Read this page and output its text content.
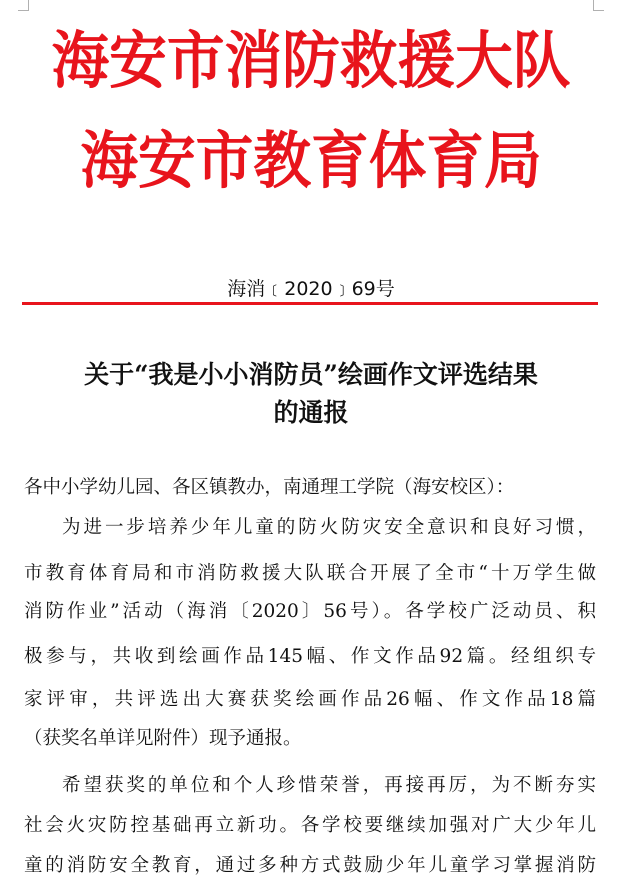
海安市消防救援大队
海安市教育体育局
海消﹝2020﹞69号
关于“我是小小消防员”绘画作文评选结果
的通报
各中小学幼儿园、各区镇教办，南通理工学院（海安校区）：
为进一步培养少年儿童的防火防灾安全意识和良好习惯，
市教育体育局和市消防救援大队联合开展了全市“十万学生做
消防作业”活动（海消〔2020〕56号）。各学校广泛动员、积
极参与，共收到绘画作品145幅、作文作品92篇。经组织专
家评审，共评选出大赛获奖绘画作品26幅、作文作品18篇
（获奖名单详见附件）现予通报。
希望获奖的单位和个人珍惜荣誉，再接再厉，为不断夯实
社会火灾防控基础再立新功。各学校要继续加强对广大少年儿
童的消防安全教育，通过多种方式鼓励少年儿童学习掌握消防
